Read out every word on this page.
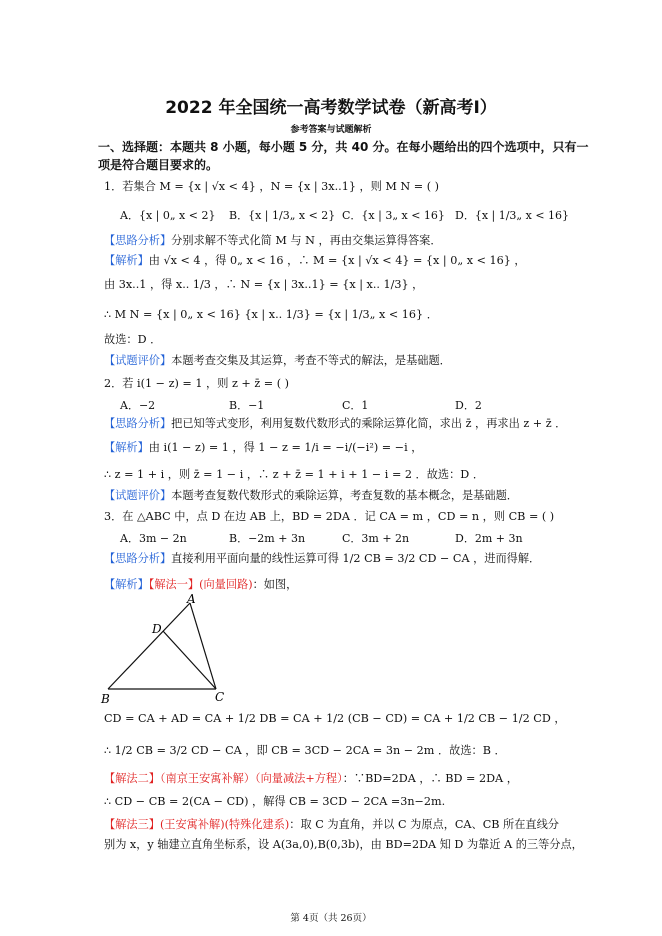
2022 年全国统一高考数学试卷（新高考Ⅰ）
参考答案与试题解析
一、选择题：本题共 8 小题，每小题 5 分，共 40 分。在每小题给出的四个选项中，只有一
项是符合题目要求的。
1．若集合 M = {x | √x < 4} ，N = {x | 3x..1} ，则 M N = ( )
A．{x | 0„ x < 2} B．{x | 1/3„ x < 2} C．{x | 3„ x < 16} D．{x | 1/3„ x < 16}
【思路分析】分别求解不等式化简 M 与 N ，再由交集运算得答案．
【解析】由 √x < 4 ，得 0„ x < 16 ，∴ M = {x | √x < 4} = {x | 0„ x < 16} ，
由 3x..1 ，得 x.. 1/3 ，∴ N = {x | 3x..1} = {x | x.. 1/3} ，
∴ M N = {x | 0„ x < 16} {x | x.. 1/3} = {x | 1/3„ x < 16} ．
故选：D ．
【试题评价】本题考查交集及其运算，考查不等式的解法，是基础题．
2．若 i(1 − z) = 1 ，则 z + z̄ = ( )
A．−2	B．−1	C．1	D．2
【思路分析】把已知等式变形，利用复数代数形式的乘除运算化简，求出 z̄ ，再求出 z + z̄ ．
【解析】由 i(1 − z) = 1 ，得 1 − z = 1/i = −i/(−i²) = −i ，
∴ z = 1 + i ，则 z̄ = 1 − i ，∴ z + z̄ = 1 + i + 1 − i = 2 ．故选：D ．
【试题评价】本题考查复数代数形式的乘除运算，考查复数的基本概念，是基础题．
3．在 △ABC 中，点 D 在边 AB 上，BD = 2DA ．记 CA = m ，CD = n ，则 CB = ( )
A．3m − 2n	B．−2m + 3n	C．3m + 2n	D．2m + 3n
【思路分析】直接利用平面向量的线性运算可得 1/2 CB = 3/2 CD − CA ，进而得解．
【解析】【解法一】(向量回路)：如图，
A
D
B	C
CD = CA + AD = CA + 1/2 DB = CA + 1/2 (CB − CD) = CA + 1/2 CB − 1/2 CD ，
∴ 1/2 CB = 3/2 CD − CA ，即 CB = 3CD − 2CA = 3n − 2m ．故选：B ．
【解法二】（南京王安寓补解）（向量减法+方程）：∵BD=2DA ，∴ BD = 2DA ，
∴ CD − CB = 2(CA − CD) ，解得 CB = 3CD − 2CA =3n−2m.
【解法三】(王安寓补解)(特殊化建系)：取 C 为直角，并以 C 为原点，CA、CB 所在直线分
别为 x，y 轴建立直角坐标系，设 A(3a,0),B(0,3b)，由 BD=2DA 知 D 为靠近 A 的三等分点，
第 4页（共 26页）
